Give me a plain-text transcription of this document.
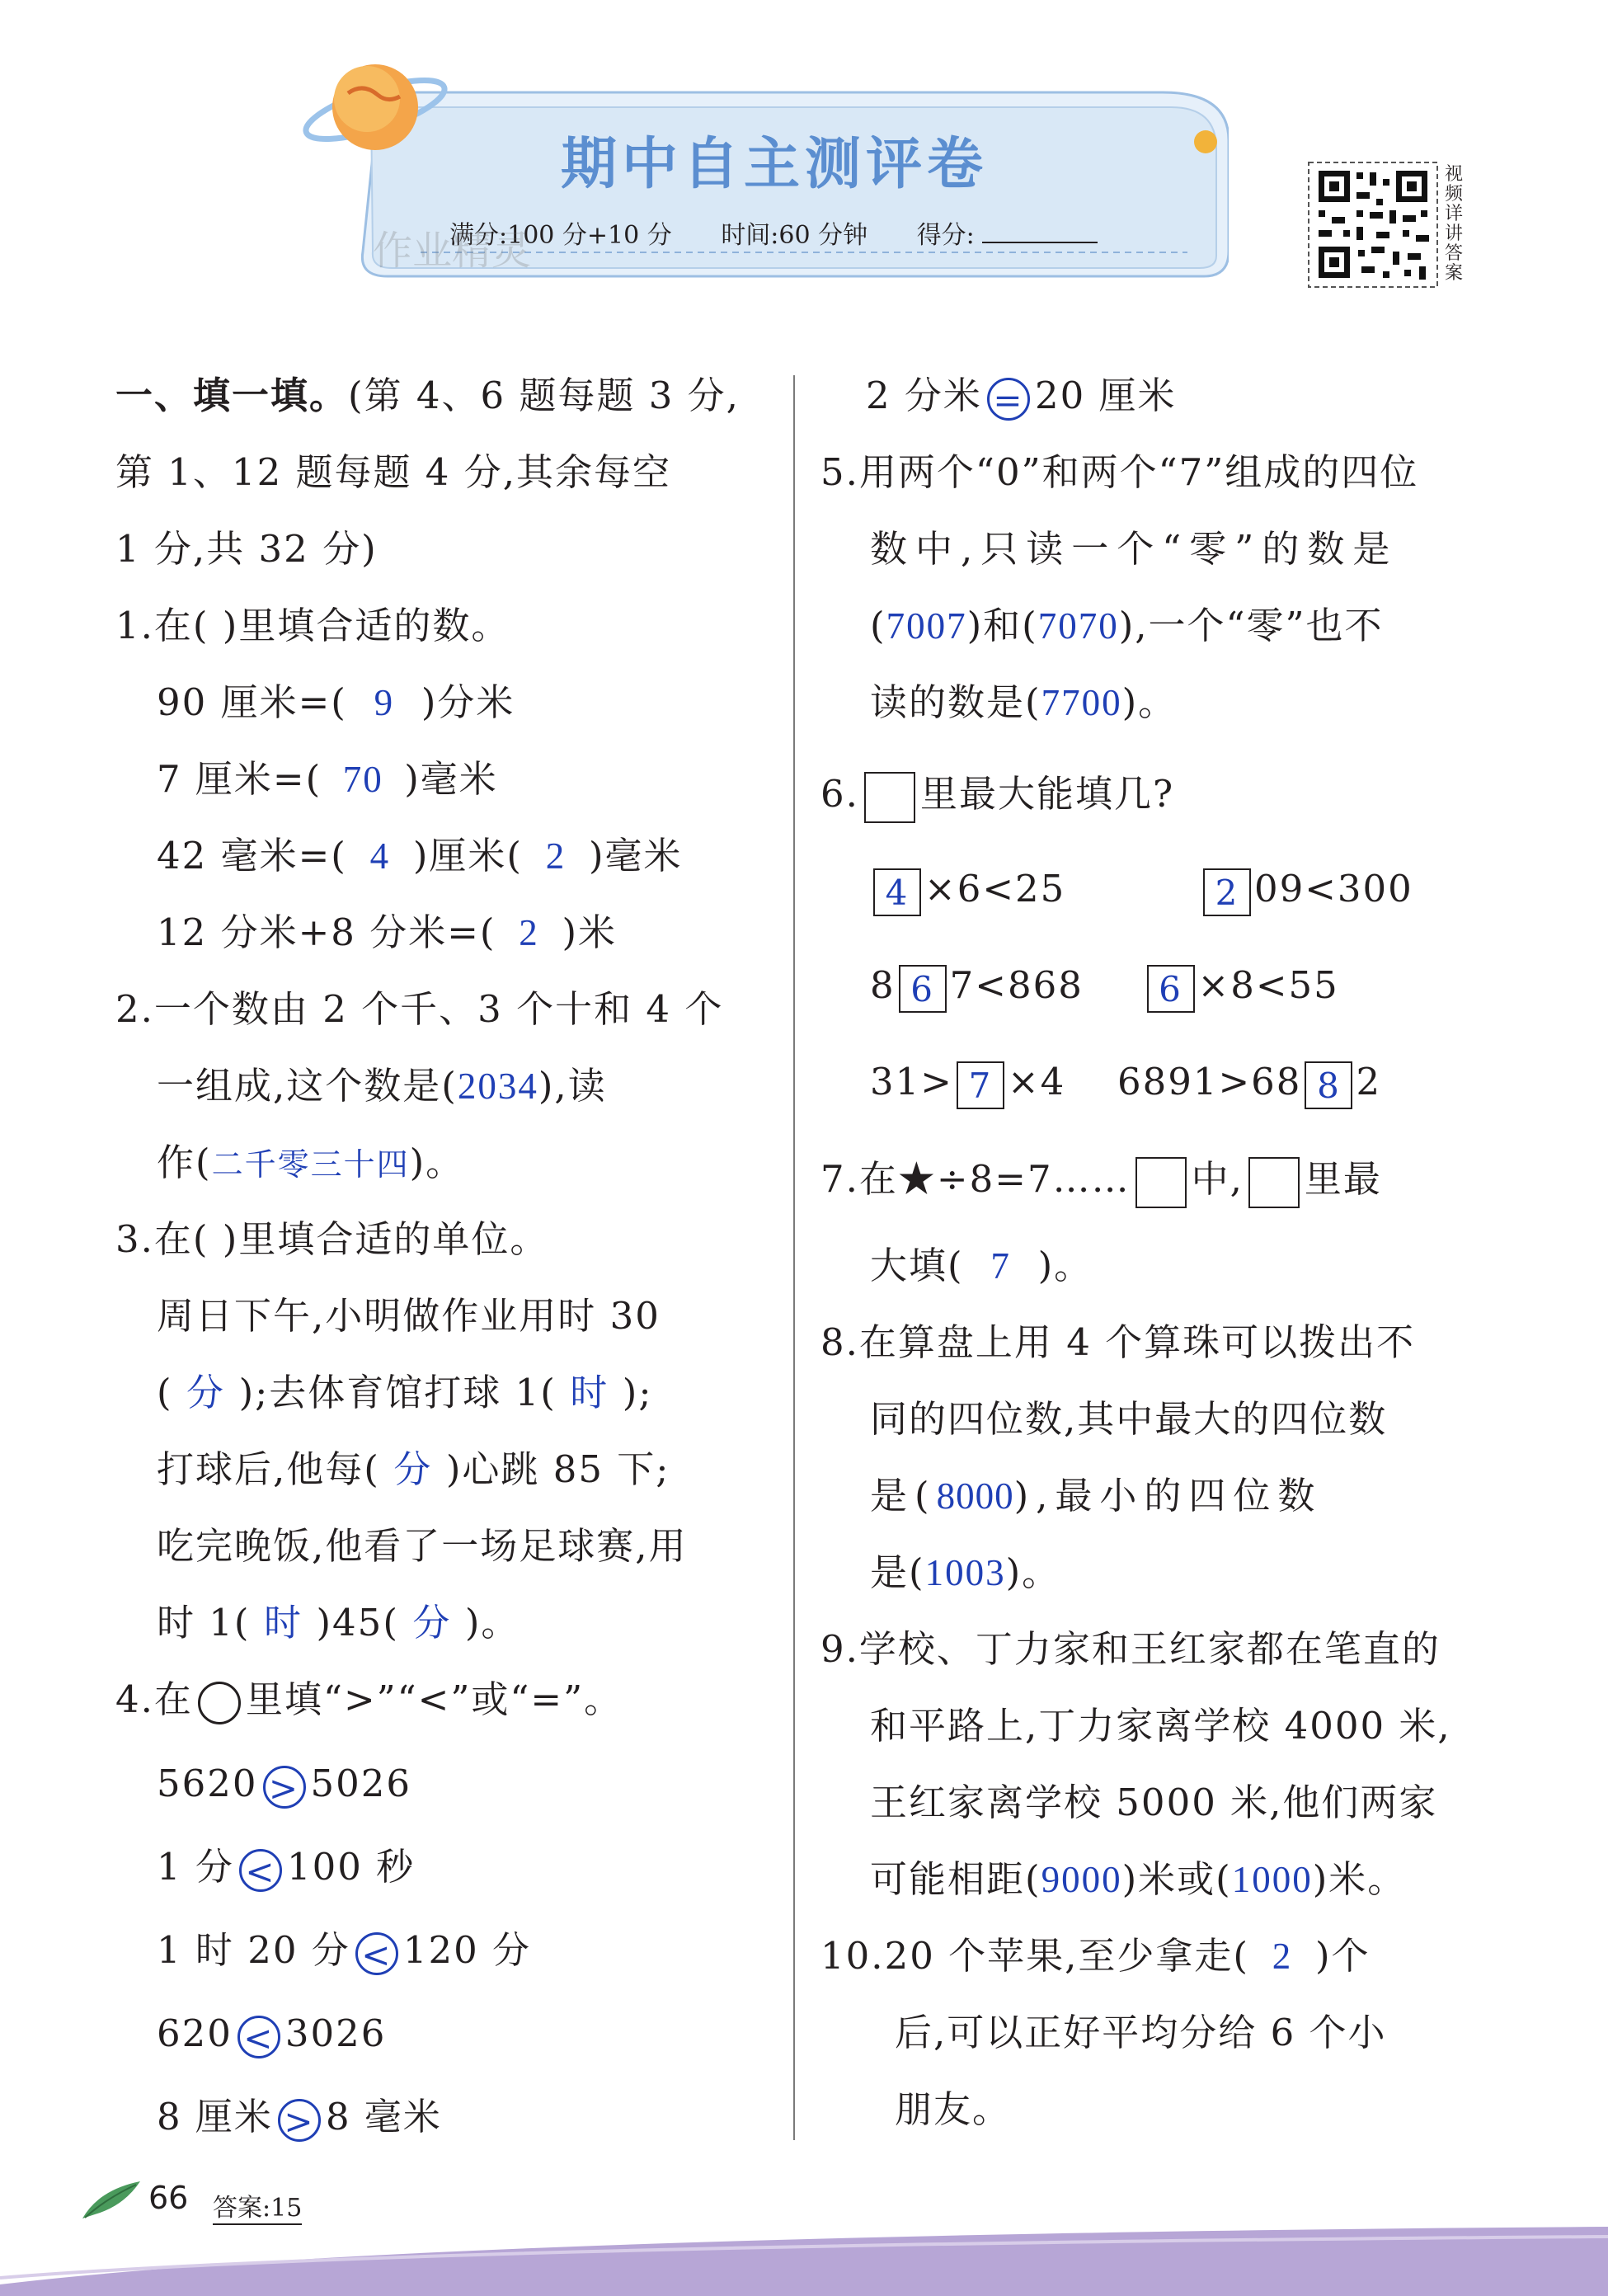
期中自主测评卷
满分:100 分+10 分 时间:60 分钟 得分:
作业精灵
视频详讲答案
一、填一填。(第 4、6 题每题 3 分,
第 1、12 题每题 4 分,其余每空
1 分,共 32 分)
1.在( )里填合适的数。
90 厘米=( 9 )分米
7 厘米=( 70 )毫米
42 毫米=( 4 )厘米( 2 )毫米
12 分米+8 分米=( 2 )米
2.一个数由 2 个千、3 个十和 4 个
一组成,这个数是(2034),读
作(二千零三十四)。
3.在( )里填合适的单位。
周日下午,小明做作业用时 30
( 分 );去体育馆打球 1( 时 );
打球后,他每( 分 )心跳 85 下;
吃完晚饭,他看了一场足球赛,用
时 1( 时 )45( 分 )。
4.在 里填“>”“<”或“=”。
5620 > 5026
1 分 < 100 秒
1 时 20 分 < 120 分
620 < 3026
8 厘米 > 8 毫米
2 分米 = 20 厘米
5.用两个“0”和两个“7”组成的四位
数中,只读一个“零”的数是
(7007)和(7070),一个“零”也不
读的数是(7700)。
6. 里最大能填几?
4 ×6<25	2 09<300
8 6 7<868 6 ×8<55
31> 7 ×4 6891>68 8 2
7.在★÷8=7…… 中, 里最
大填( 7 )。
8.在算盘上用 4 个算珠可以拨出不
同的四位数,其中最大的四位数
是(8000),最小的四位数
是(1003)。
9.学校、丁力家和王红家都在笔直的
和平路上,丁力家离学校 4000 米,
王红家离学校 5000 米,他们两家
可能相距(9000)米或(1000)米。
10.20 个苹果,至少拿走( 2 )个
后,可以正好平均分给 6 个小
朋友。
66 答案:15
